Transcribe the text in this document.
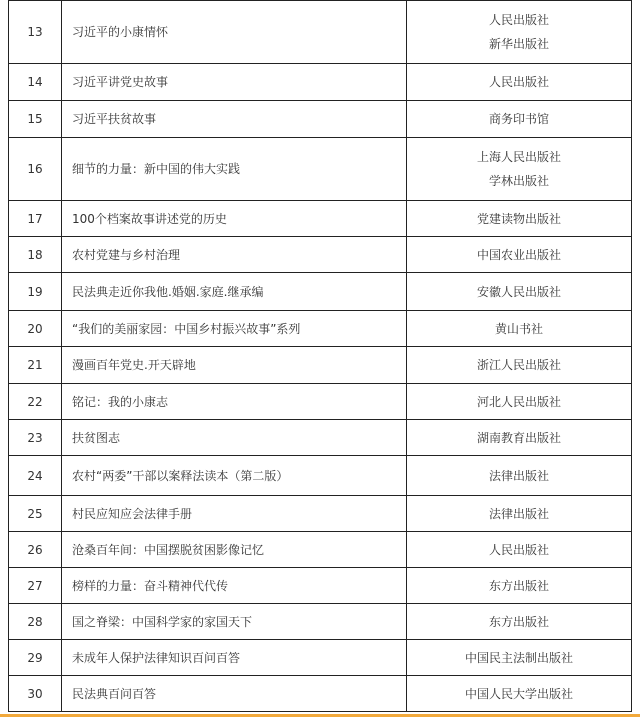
13	习近平的小康情怀	人民出版社
新华出版社

14	习近平讲党史故事	人民出版社

15	习近平扶贫故事	商务印书馆

16	细节的力量：新中国的伟大实践	上海人民出版社
学林出版社

17	100个档案故事讲述党的历史	党建读物出版社

18	农村党建与乡村治理	中国农业出版社

19	民法典走近你我他.婚姻.家庭.继承编	安徽人民出版社

20	“我们的美丽家园：中国乡村振兴故事”系列	黄山书社

21	漫画百年党史.开天辟地	浙江人民出版社

22	铭记：我的小康志	河北人民出版社

23	扶贫图志	湖南教育出版社

24	农村“两委”干部以案释法读本（第二版）	法律出版社

25	村民应知应会法律手册	法律出版社

26	沧桑百年间：中国摆脱贫困影像记忆	人民出版社

27	榜样的力量：奋斗精神代代传	东方出版社

28	国之脊梁：中国科学家的家国天下	东方出版社

29	未成年人保护法律知识百问百答	中国民主法制出版社

30	民法典百问百答	中国人民大学出版社
